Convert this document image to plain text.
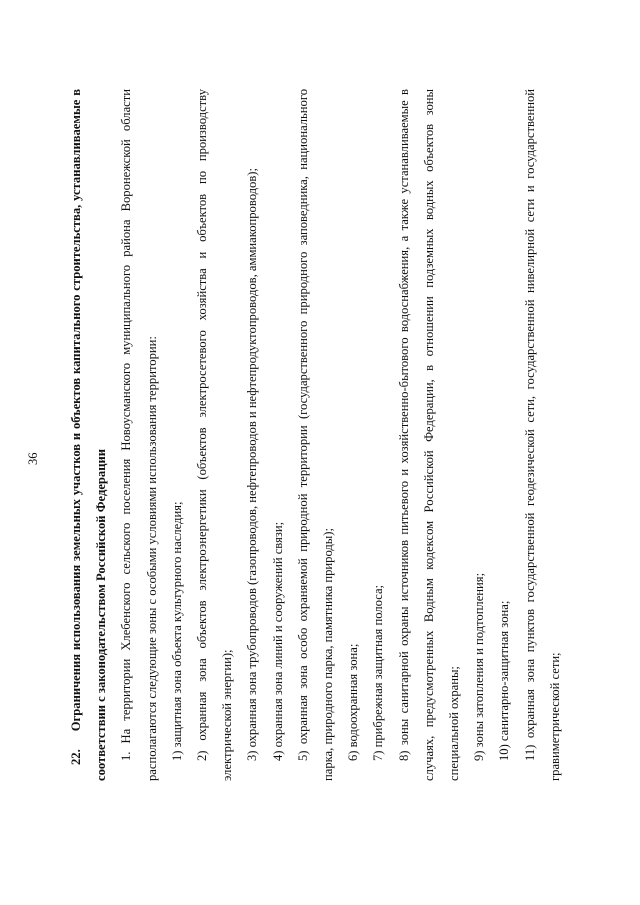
36

22.Ограничения использования земельных участков и объектов капитального строительства, устанавливаемые в соответствии с законодательством Российской Федерации 1. На территории Хлебенского сельского поселения Новоусманского муниципального района Воронежской области располагаются следующие зоны с особыми условиями использования территории: 1) защитная зона объекта культурного наследия; 2) охранная зона объектов электроэнергетики (объектов электросетевого хозяйства и объектов по производству электрической энергии); 3) охранная зона трубопроводов (газопроводов, нефтепроводов и нефтепродуктопроводов, аммиакопроводов); 4) охранная зона линий и сооружений связи; 5) охранная зона особо охраняемой природной территории (государственного природного заповедника, национального парка, природного парка, памятника природы); 6) водоохранная зона; 7) прибрежная защитная полоса; 8) зоны санитарной охраны источников питьевого и хозяйственно-бытового водоснабжения, а также устанавливаемые в случаях, предусмотренных Водным кодексом Российской Федерации, в отношении подземных водных объектов зоны специальной охраны; 9) зоны затопления и подтопления; 10) санитарно-защитная зона; 11) охранная зона пунктов государственной геодезической сети, государственной нивелирной сети и государственной гравиметрической сети;
